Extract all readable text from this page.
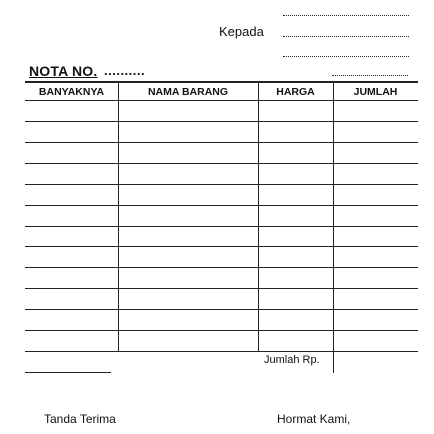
Kepada
NOTA NO. ..........
BANYAKNYA	NAMA BARANG	HARGA	JUMLAH
Jumlah Rp.
Tanda Terima	Hormat Kami,
